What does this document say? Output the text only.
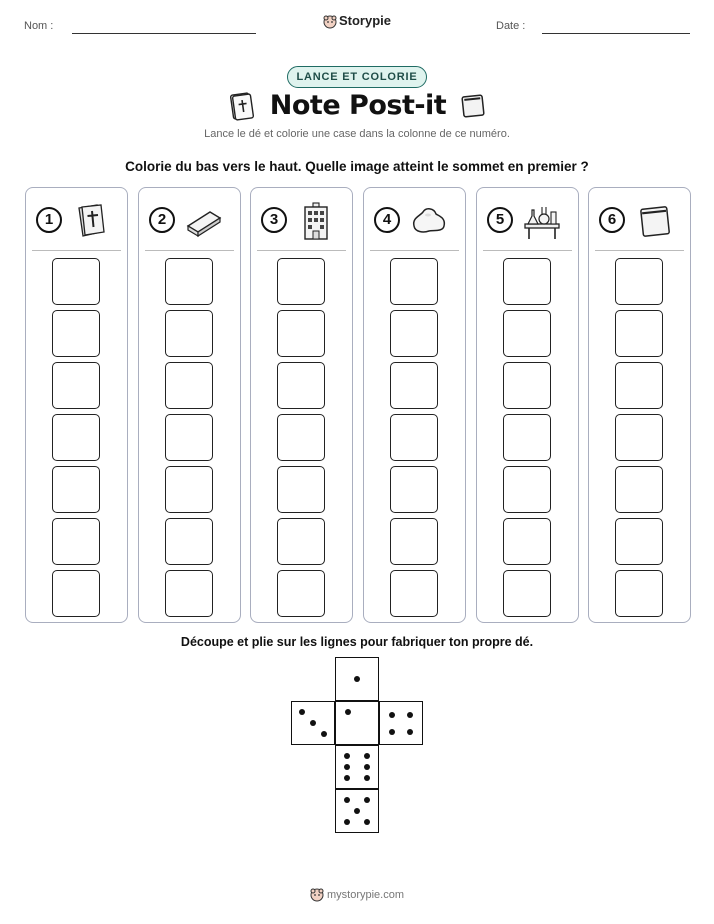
Nom :	Storypie	Date :
LANCE ET COLORIE
Note Post-it
Lance le dé et colorie une case dans la colonne de ce numéro.
Colorie du bas vers le haut. Quelle image atteint le sommet en premier ?
1	2	3	4	5	6
Découpe et plie sur les lignes pour fabriquer ton propre dé.
mystorypie.com
